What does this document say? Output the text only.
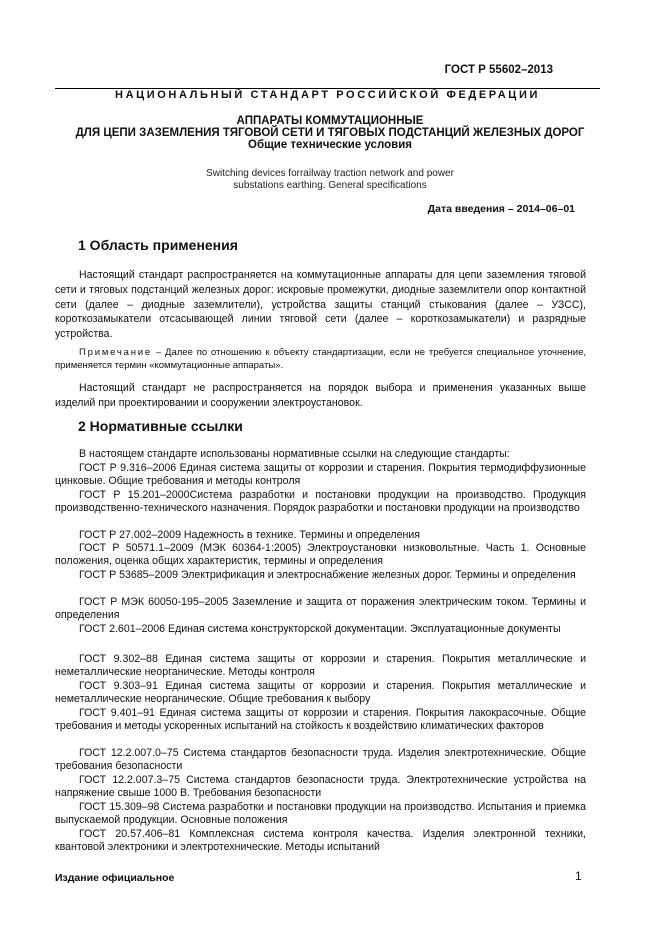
ГОСТ Р 55602–2013
НАЦИОНАЛЬНЫЙ СТАНДАРТ РОССИЙСКОЙ ФЕДЕРАЦИИ
АППАРАТЫ КОММУТАЦИОННЫЕ
ДЛЯ ЦЕПИ ЗАЗЕМЛЕНИЯ ТЯГОВОЙ СЕТИ И ТЯГОВЫХ ПОДСТАНЦИЙ ЖЕЛЕЗНЫХ ДОРОГ
Общие технические условия
Switching devices forrailway traction network and power
substations earthing. General specifications
Дата введения – 2014–06–01
1 Область применения
Настоящий стандарт распространяется на коммутационные аппараты для цепи заземления тяговой сети и тяговых подстанций железных дорог: искровые промежутки, диодные заземлители опор контактной сети (далее – диодные заземлители), устройства защиты станций стыкования (далее – УЗСС), короткозамыкатели отсасывающей линии тяговой сети (далее – короткозамыкатели) и разрядные устройства.
Примечание – Далее по отношению к объекту стандартизации, если не требуется специальное уточнение, применяется термин «коммутационные аппараты».
Настоящий стандарт не распространяется на порядок выбора и применения указанных выше изделий при проектировании и сооружении электроустановок.
2 Нормативные ссылки
В настоящем стандарте использованы нормативные ссылки на следующие стандарты:
ГОСТ Р 9.316–2006 Единая система защиты от коррозии и старения. Покрытия термодиффузионные цинковые. Общие требования и методы контроля
ГОСТ Р 15.201–2000Система разработки и постановки продукции на производство. Продукция производственно-технического назначения. Порядок разработки и постановки продукции на производство
ГОСТ Р 27.002–2009 Надежность в технике. Термины и определения
ГОСТ Р 50571.1–2009 (МЭК 60364-1:2005) Электроустановки низковольтные. Часть 1. Основные положения, оценка общих характеристик, термины и определения
ГОСТ Р 53685–2009 Электрификация и электроснабжение железных дорог. Термины и определения
ГОСТ Р МЭК 60050-195–2005 Заземление и защита от поражения электрическим током. Термины и определения
ГОСТ 2.601–2006 Единая система конструкторской документации. Эксплуатационные документы
ГОСТ 9.302–88 Единая система защиты от коррозии и старения. Покрытия металлические и неметаллические неорганические. Методы контроля
ГОСТ 9.303–91 Единая система защиты от коррозии и старения. Покрытия металлические и неметаллические неорганические. Общие требования к выбору
ГОСТ 9.401–91 Единая система защиты от коррозии и старения. Покрытия лакокрасочные. Общие требования и методы ускоренных испытаний на стойкость к воздействию климатических факторов
ГОСТ 12.2.007.0–75 Система стандартов безопасности труда. Изделия электротехнические. Общие требования безопасности
ГОСТ 12.2.007.3–75 Система стандартов безопасности труда. Электротехнические устройства на напряжение свыше 1000 В. Требования безопасности
ГОСТ 15.309–98 Система разработки и постановки продукции на производство. Испытания и приемка выпускаемой продукции. Основные положения
ГОСТ 20.57.406–81 Комплексная система контроля качества. Изделия электронной техники, квантовой электроники и электротехнические. Методы испытаний
Издание официальное	1
